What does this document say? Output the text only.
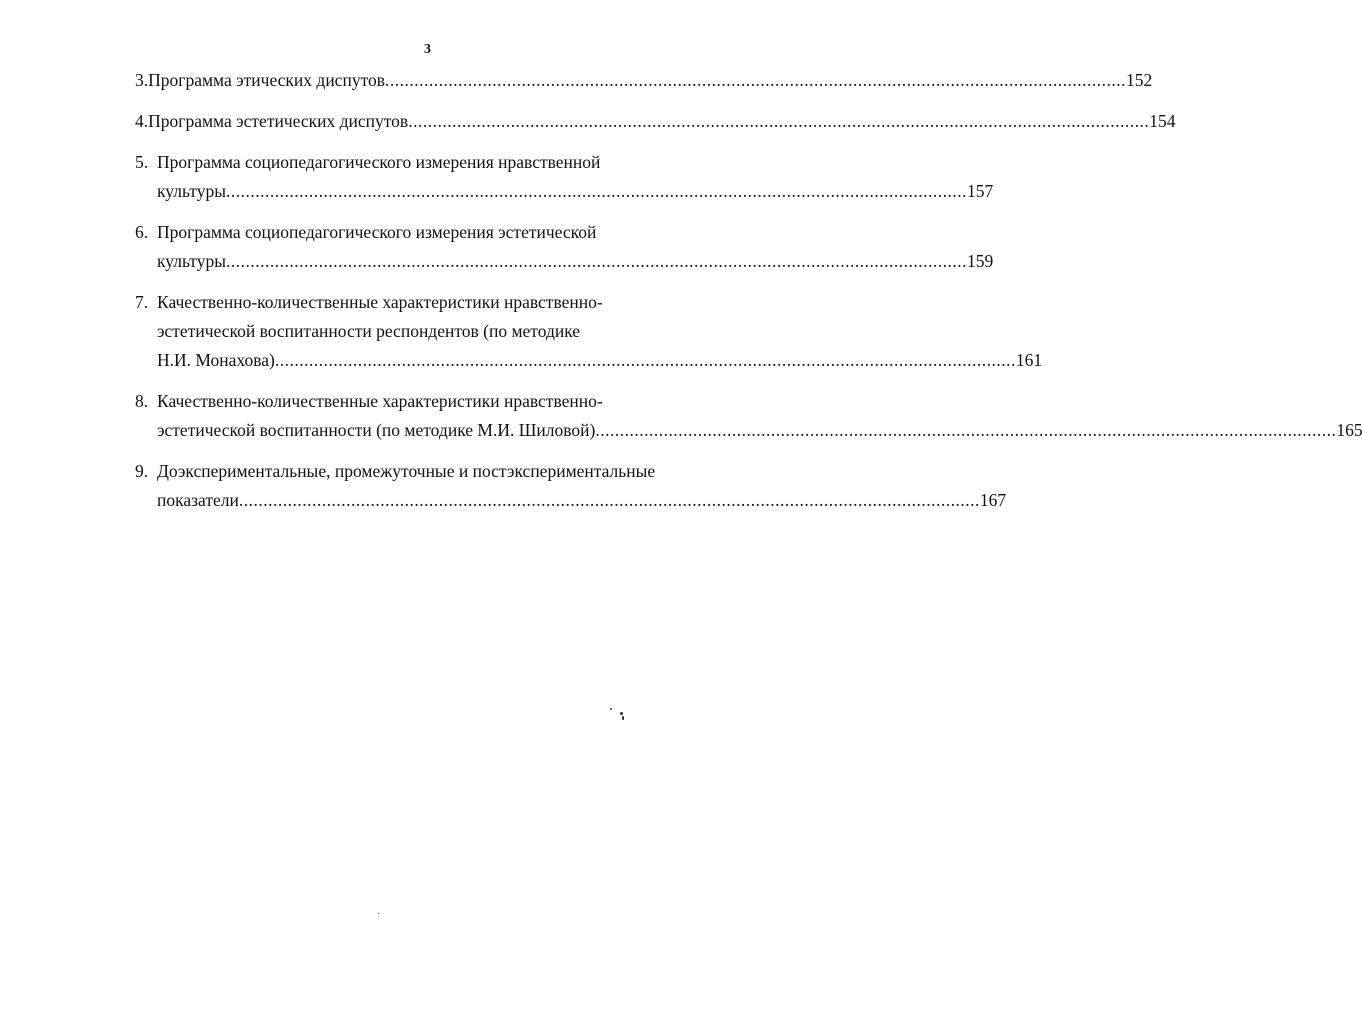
3
3. Программа этических диспутов ........................................................................................................................................................ 152
4. Программа эстетических диспутов ........................................................................................................................................................ 154
5. Программа социопедагогического измерения нравственной
культуры ........................................................................................................................................................ 157
6. Программа социопедагогического измерения эстетической
культуры ........................................................................................................................................................ 159
7. Качественно-количественные характеристики нравственно-
эстетической воспитанности респондентов (по методике
Н.И. Монахова) ........................................................................................................................................................ 161
8. Качественно-количественные характеристики нравственно-
эстетической воспитанности (по методике М.И. Шиловой) ........................................................................................................................................................ 165
9. Доэкспериментальные, промежуточные и постэкспериментальные
показатели ........................................................................................................................................................ 167
